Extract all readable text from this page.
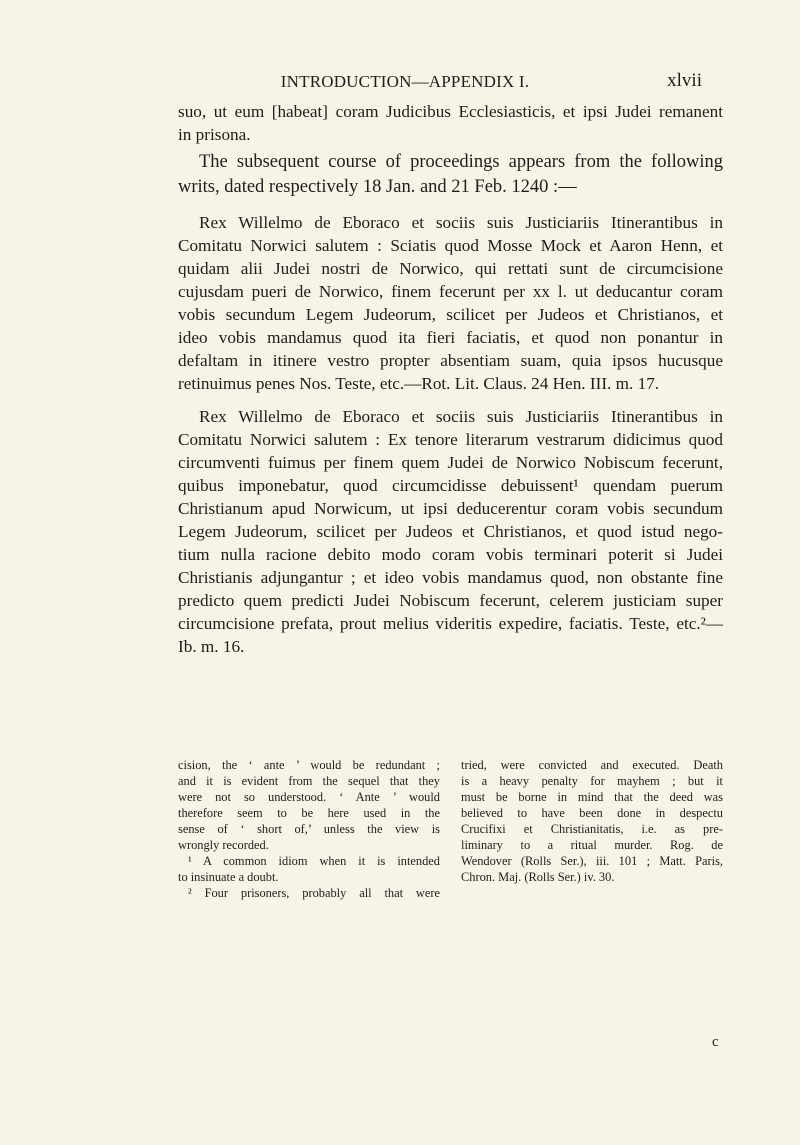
INTRODUCTION—APPENDIX I.	xlvii
suo, ut eum [habeat] coram Judicibus Ecclesiasticis, et ipsi Judei remanent
in prisona.
The subsequent course of proceedings appears from the following
writs, dated respectively 18 Jan. and 21 Feb. 1240 :—
Rex Willelmo de Eboraco et sociis suis Justiciariis Itinerantibus in
Comitatu Norwici salutem : Sciatis quod Mosse Mock et Aaron Henn, et
quidam alii Judei nostri de Norwico, qui rettati sunt de circumcisione
cujusdam pueri de Norwico, finem fecerunt per xx l. ut deducantur coram
vobis secundum Legem Judeorum, scilicet per Judeos et Christianos, et
ideo vobis mandamus quod ita fieri faciatis, et quod non ponantur in
defaltam in itinere vestro propter absentiam suam, quia ipsos hucusque
retinuimus penes Nos. Teste, etc.—Rot. Lit. Claus. 24 Hen. III. m. 17.
Rex Willelmo de Eboraco et sociis suis Justiciariis Itinerantibus in
Comitatu Norwici salutem : Ex tenore literarum vestrarum didicimus quod
circumventi fuimus per finem quem Judei de Norwico Nobiscum fecerunt,
quibus imponebatur, quod circumcidisse debuissent¹ quendam puerum
Christianum apud Norwicum, ut ipsi deducerentur coram vobis secundum
Legem Judeorum, scilicet per Judeos et Christianos, et quod istud nego-
tium nulla racione debito modo coram vobis terminari poterit si Judei
Christianis adjungantur ; et ideo vobis mandamus quod, non obstante fine
predicto quem predicti Judei Nobiscum fecerunt, celerem justiciam super
circumcisione prefata, prout melius videritis expedire, faciatis. Teste, etc.²—
Ib. m. 16.
cision, the ‘ ante ’ would be redundant ;
and it is evident from the sequel that they
were not so understood. ‘ Ante ’ would
therefore seem to be here used in the
sense of ‘ short of,’ unless the view is
wrongly recorded.
¹ A common idiom when it is intended
to insinuate a doubt.
² Four prisoners, probably all that were
tried, were convicted and executed. Death
is a heavy penalty for mayhem ; but it
must be borne in mind that the deed was
believed to have been done in despectu
Crucifixi et Christianitatis, i.e. as pre-
liminary to a ritual murder. Rog. de
Wendover (Rolls Ser.), iii. 101 ; Matt. Paris,
Chron. Maj. (Rolls Ser.) iv. 30.
c
